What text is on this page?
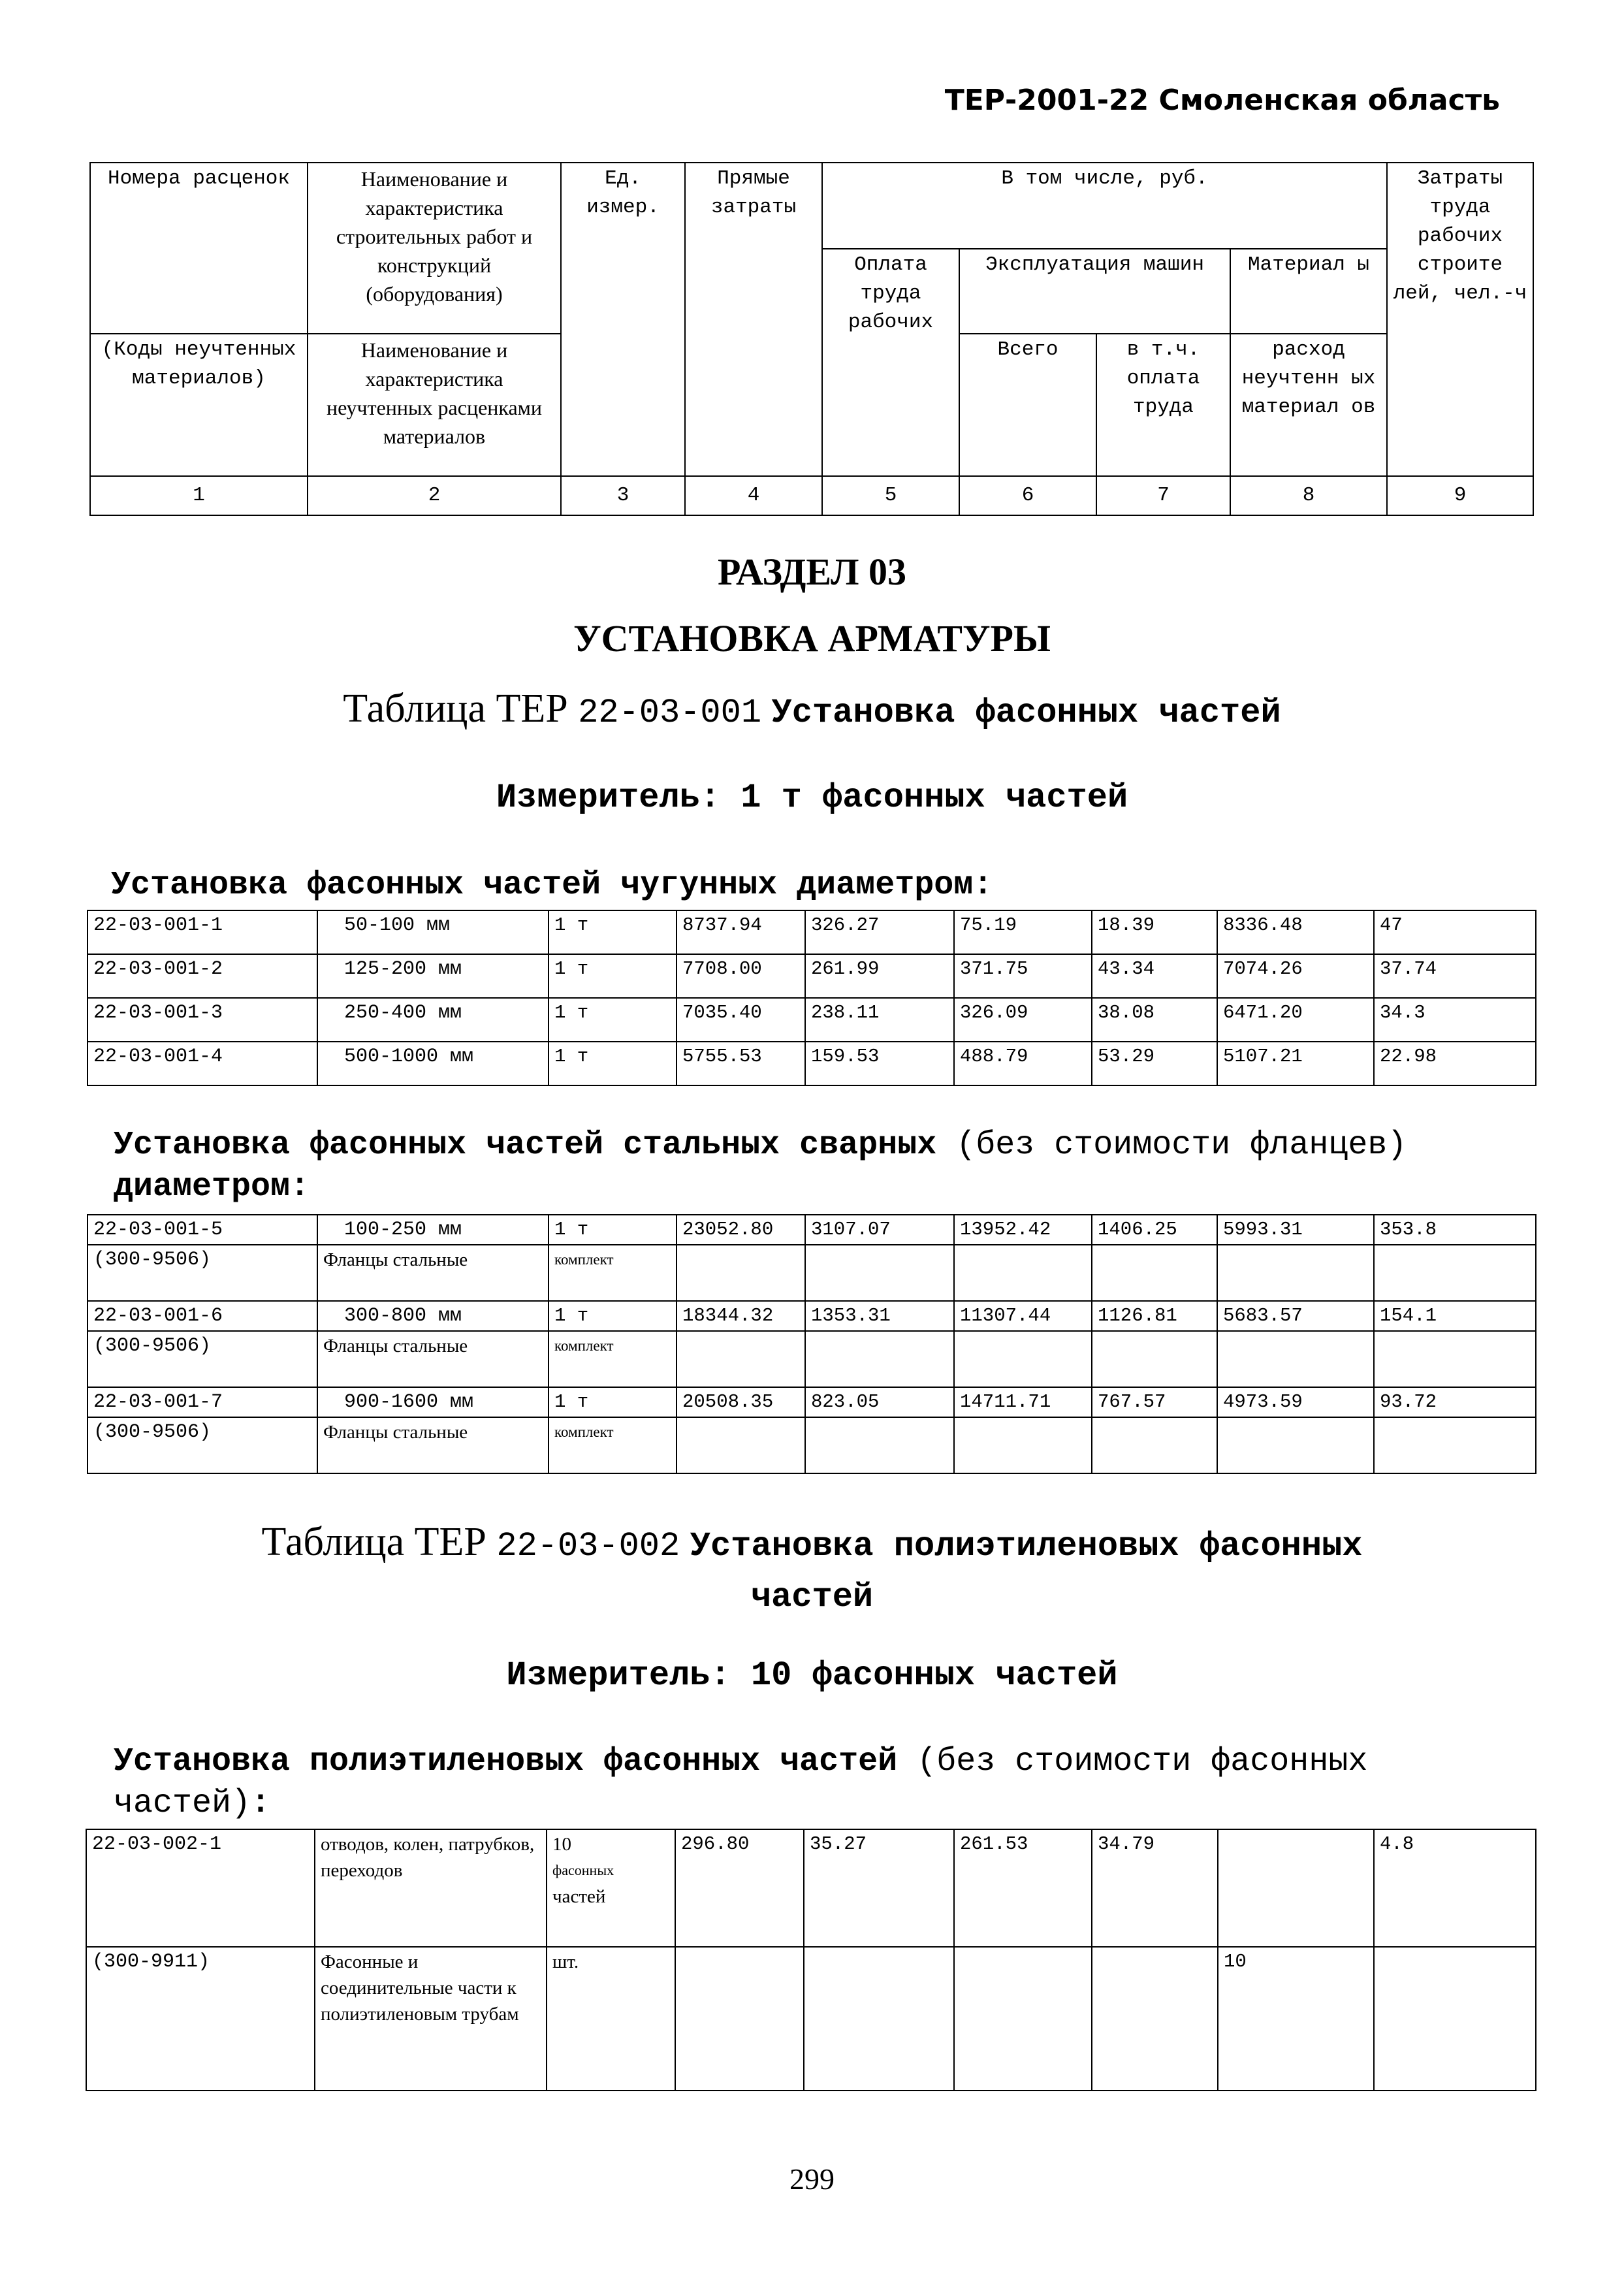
ТЕР-2001-22 Смоленская область
Номера расценок	Наименование и характеристика строительных работ и конструкций (оборудования)	Ед. измер.	Прямые затраты	В том числе, руб.				Затраты труда рабочих строите лей, чел.-ч
				Оплата труда рабочих	Эксплуатация машин		Материал ы	
(Коды неучтенных материалов)	Наименование и характеристика неучтенных расценками материалов				Всего	в т.ч. оплата труда	расход неучтенн ых материал ов	
1	2	3	4	5	6	7	8	9
РАЗДЕЛ 03
УСТАНОВКА АРМАТУРЫ
Таблица ТЕР 22-03-001 Установка фасонных частей
Измеритель: 1 т фасонных частей
Установка фасонных частей чугунных диаметром:
22-03-001-1	50-100 мм	1 т	8737.94	326.27	75.19	18.39	8336.48	47
22-03-001-2	125-200 мм	1 т	7708.00	261.99	371.75	43.34	7074.26	37.74
22-03-001-3	250-400 мм	1 т	7035.40	238.11	326.09	38.08	6471.20	34.3
22-03-001-4	500-1000 мм	1 т	5755.53	159.53	488.79	53.29	5107.21	22.98
Установка фасонных частей стальных сварных (без стоимости фланцев) диаметром:
22-03-001-5	100-250 мм	1 т	23052.80	3107.07	13952.42	1406.25	5993.31	353.8
(300-9506)	Фланцы стальные	комплект						
22-03-001-6	300-800 мм	1 т	18344.32	1353.31	11307.44	1126.81	5683.57	154.1
(300-9506)	Фланцы стальные	комплект						
22-03-001-7	900-1600 мм	1 т	20508.35	823.05	14711.71	767.57	4973.59	93.72
(300-9506)	Фланцы стальные	комплект						
Таблица ТЕР 22-03-002 Установка полиэтиленовых фасонных
частей
Измеритель: 10 фасонных частей
Установка полиэтиленовых фасонных частей (без стоимости фасонных частей):
22-03-002-1	отводов, колен, патрубков, переходов	10
фасонных
частей	296.80	35.27	261.53	34.79		4.8
(300-9911)	Фасонные и соединительные части к полиэтиленовым трубам	шт.					10	
299
